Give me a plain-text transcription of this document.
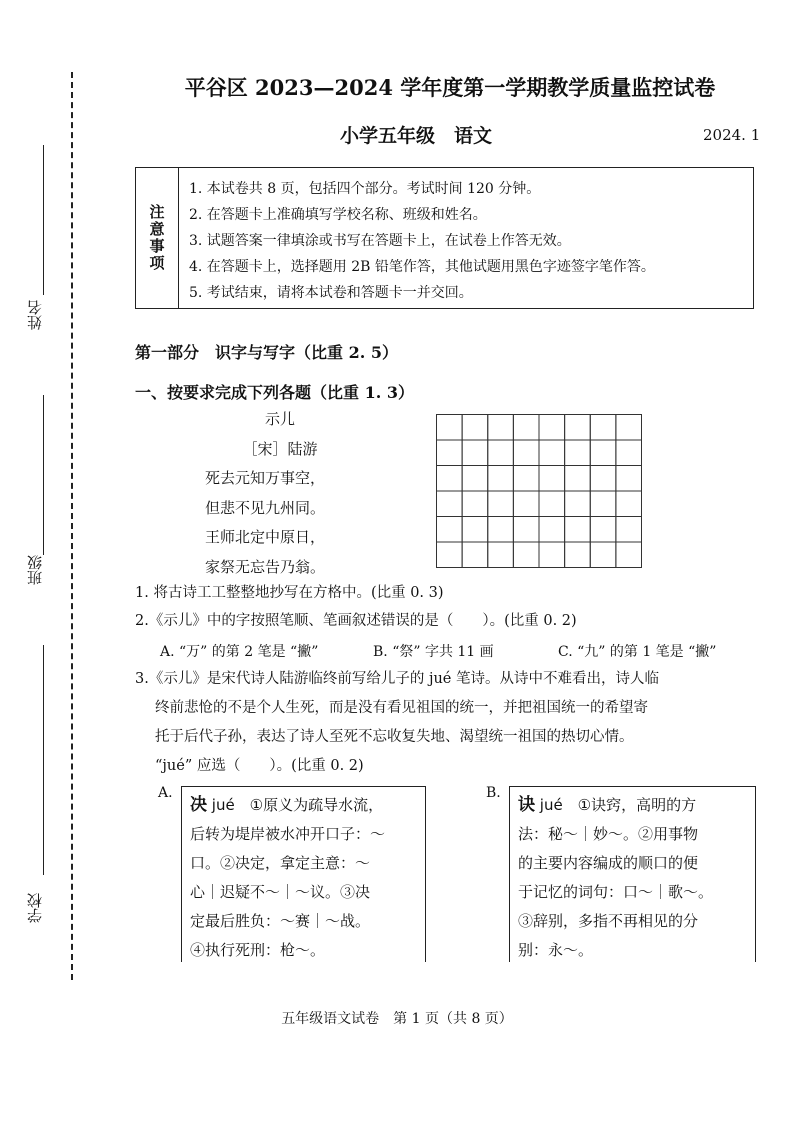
姓名
班级
学校
平谷区 2023—2024 学年度第一学期教学质量监控试卷
小学五年级　语文	2024. 1
注意事项
1. 本试卷共 8 页，包括四个部分。考试时间 120 分钟。
2. 在答题卡上准确填写学校名称、班级和姓名。
3. 试题答案一律填涂或书写在答题卡上，在试卷上作答无效。
4. 在答题卡上，选择题用 2B 铅笔作答，其他试题用黑色字迹签字笔作答。
5. 考试结束，请将本试卷和答题卡一并交回。
第一部分　识字与写字（比重 2. 5）
一、按要求完成下列各题（比重 1. 3）
示儿
［宋］陆游
死去元知万事空，
但悲不见九州同。
王师北定中原日，
家祭无忘告乃翁。
1. 将古诗工工整整地抄写在方格中。(比重 0. 3)
2.《示儿》中的字按照笔顺、笔画叙述错误的是（　　）。(比重 0. 2)
A. “万” 的第 2 笔是 “撇”	B. “祭” 字共 11 画	C. “九” 的第 1 笔是 “撇”
3.《示儿》是宋代诗人陆游临终前写给儿子的 jué 笔诗。从诗中不难看出，诗人临
终前悲怆的不是个人生死，而是没有看见祖国的统一，并把祖国统一的希望寄
托于后代子孙，表达了诗人至死不忘收复失地、渴望统一祖国的热切心情。
“jué” 应选（　　）。(比重 0. 2)
A.
决 jué　①原义为疏导水流，
后转为堤岸被水冲开口子：～
口。②决定，拿定主意：～
心｜迟疑不～｜～议。③决
定最后胜负：～赛｜～战。
④执行死刑：枪～。
B.
诀 jué　①诀窍，高明的方
法：秘～｜妙～。②用事物
的主要内容编成的顺口的便
于记忆的词句：口～｜歌～。
③辞别，多指不再相见的分
别：永～。
五年级语文试卷　第 1 页（共 8 页）
